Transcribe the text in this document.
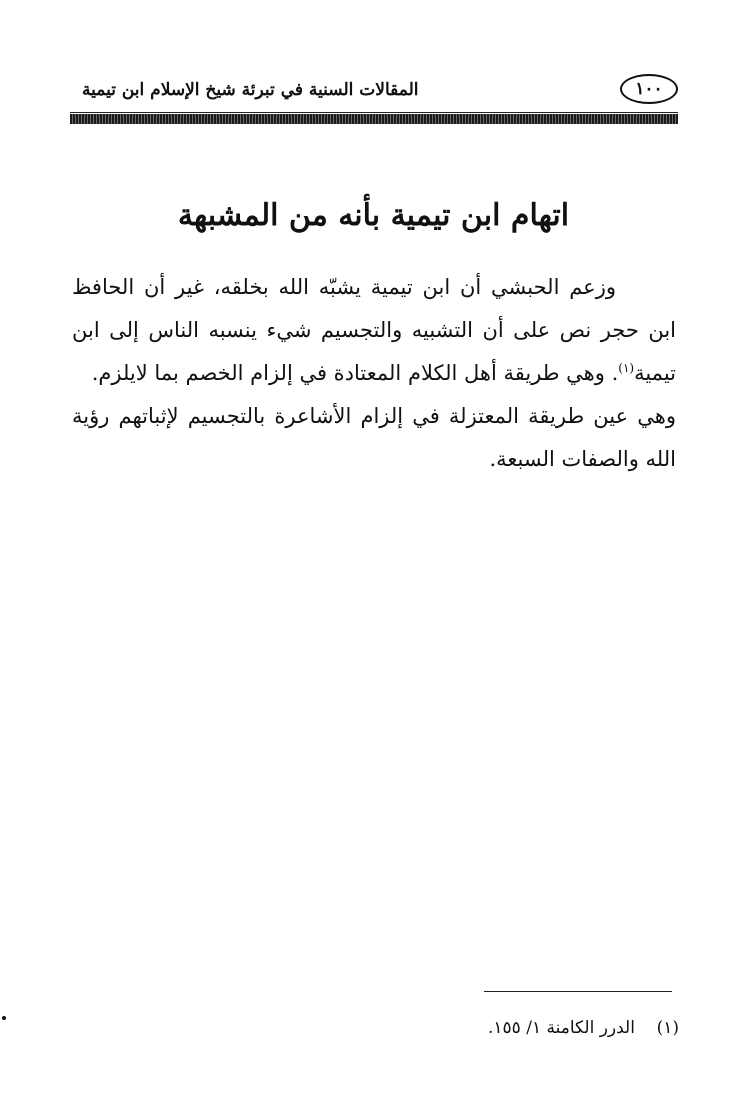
١٠٠
المقالات السنية في تبرئة شيخ الإسلام ابن تيمية
اتهام ابن تيمية بأنه من المشبهة

وزعم الحبشي أن ابن تيمية يشبّه الله بخلقه، غير أن الحافظ ابن حجر نص على أن التشبيه والتجسيم شيء ينسبه الناس إلى ابن تيمية$^{(١)}$. وهي طريقة أهل الكلام المعتادة في إلزام الخصم بما لايلزم.

وهي عين طريقة المعتزلة في إلزام الأشاعرة بالتجسيم لإثباتهم رؤية الله والصفات السبعة.

(١)    الدرر الكامنة ١/ ١٥٥.
